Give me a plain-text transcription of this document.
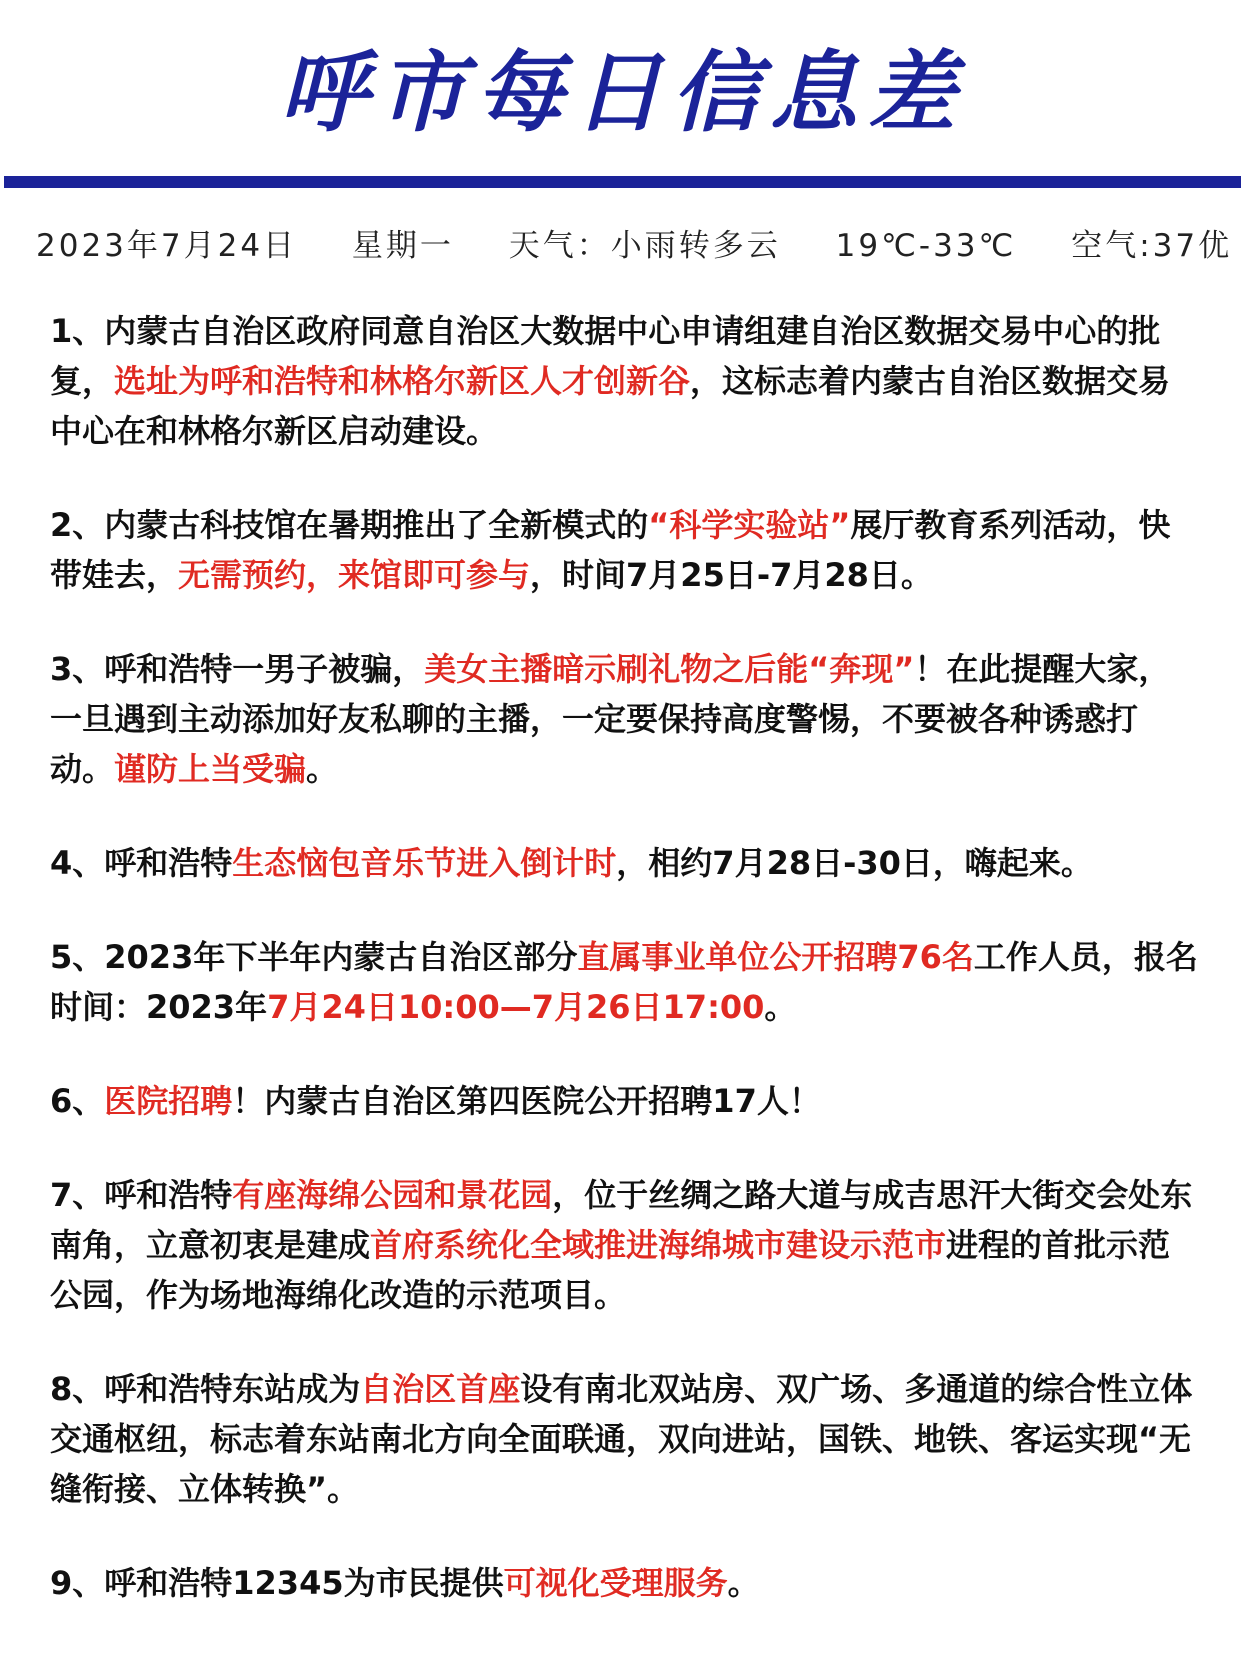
呼市每日信息差
2023年7月24日 星期一 天气：小雨转多云 19℃-33℃ 空气:37优

1、内蒙古自治区政府同意自治区大数据中心申请组建自治区数据交易中心的批复，选址为呼和浩特和林格尔新区人才创新谷，这标志着内蒙古自治区数据交易中心在和林格尔新区启动建设。

2、内蒙古科技馆在暑期推出了全新模式的“科学实验站”展厅教育系列活动，快带娃去，无需预约，来馆即可参与，时间7月25日-7月28日。

3、呼和浩特一男子被骗，美女主播暗示刷礼物之后能“奔现”！在此提醒大家，一旦遇到主动添加好友私聊的主播，一定要保持高度警惕，不要被各种诱惑打动。谨防上当受骗。

4、呼和浩特生态恼包音乐节进入倒计时，相约7月28日-30日，嗨起来。

5、2023年下半年内蒙古自治区部分直属事业单位公开招聘76名工作人员，报名时间：2023年7月24日10:00—7月26日17:00。

6、医院招聘！内蒙古自治区第四医院公开招聘17人！

7、呼和浩特有座海绵公园和景花园，位于丝绸之路大道与成吉思汗大街交会处东南角，立意初衷是建成首府系统化全域推进海绵城市建设示范市进程的首批示范公园，作为场地海绵化改造的示范项目。

8、呼和浩特东站成为自治区首座设有南北双站房、双广场、多通道的综合性立体交通枢纽，标志着东站南北方向全面联通，双向进站，国铁、地铁、客运实现“无缝衔接、立体转换”。

9、呼和浩特12345为市民提供可视化受理服务。
